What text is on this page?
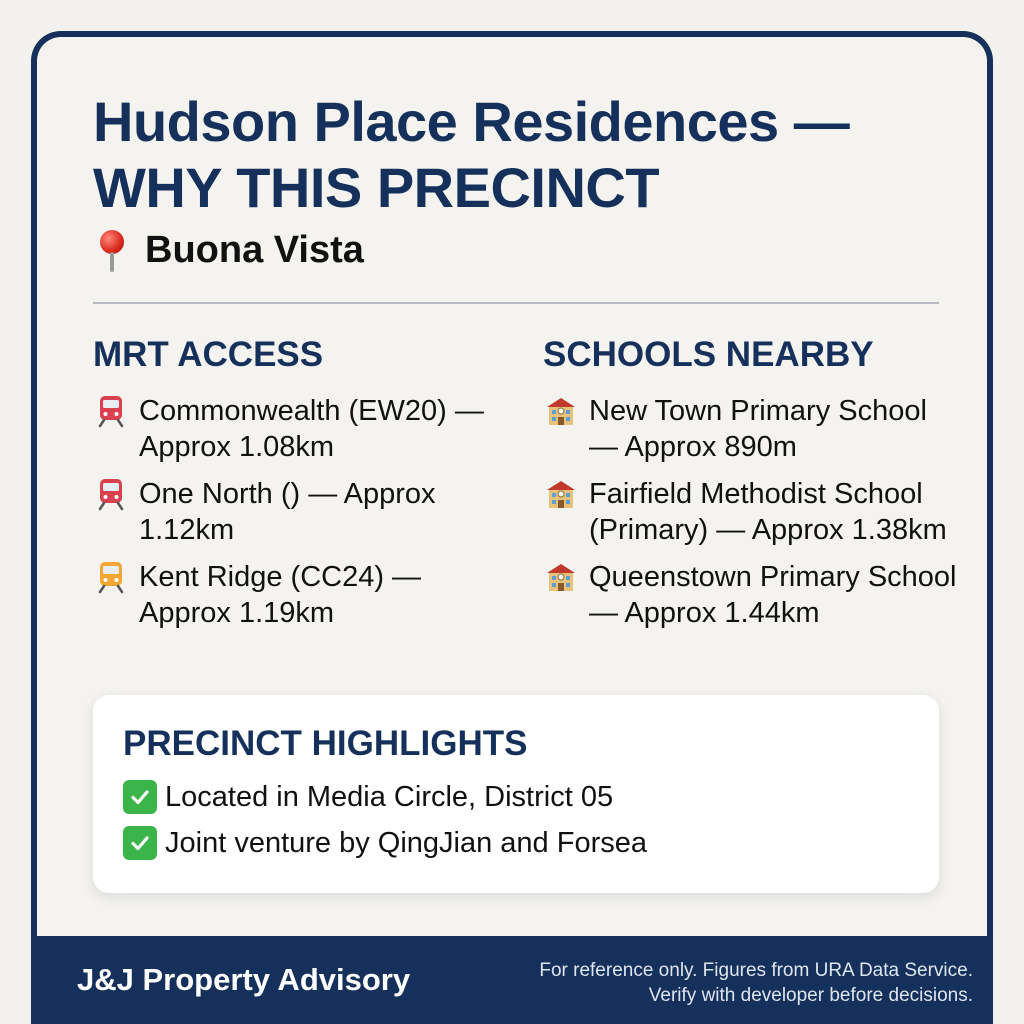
Hudson Place Residences — WHY THIS PRECINCT
Buona Vista
MRT ACCESS
Commonwealth (EW20) — Approx 1.08km
One North () — Approx 1.12km
Kent Ridge (CC24) — Approx 1.19km
SCHOOLS NEARBY
New Town Primary School — Approx 890m
Fairfield Methodist School (Primary) — Approx 1.38km
Queenstown Primary School — Approx 1.44km
PRECINCT HIGHLIGHTS
Located in Media Circle, District 05
Joint venture by QingJian and Forsea
J&J Property Advisory	For reference only. Figures from URA Data Service.
Verify with developer before decisions.
